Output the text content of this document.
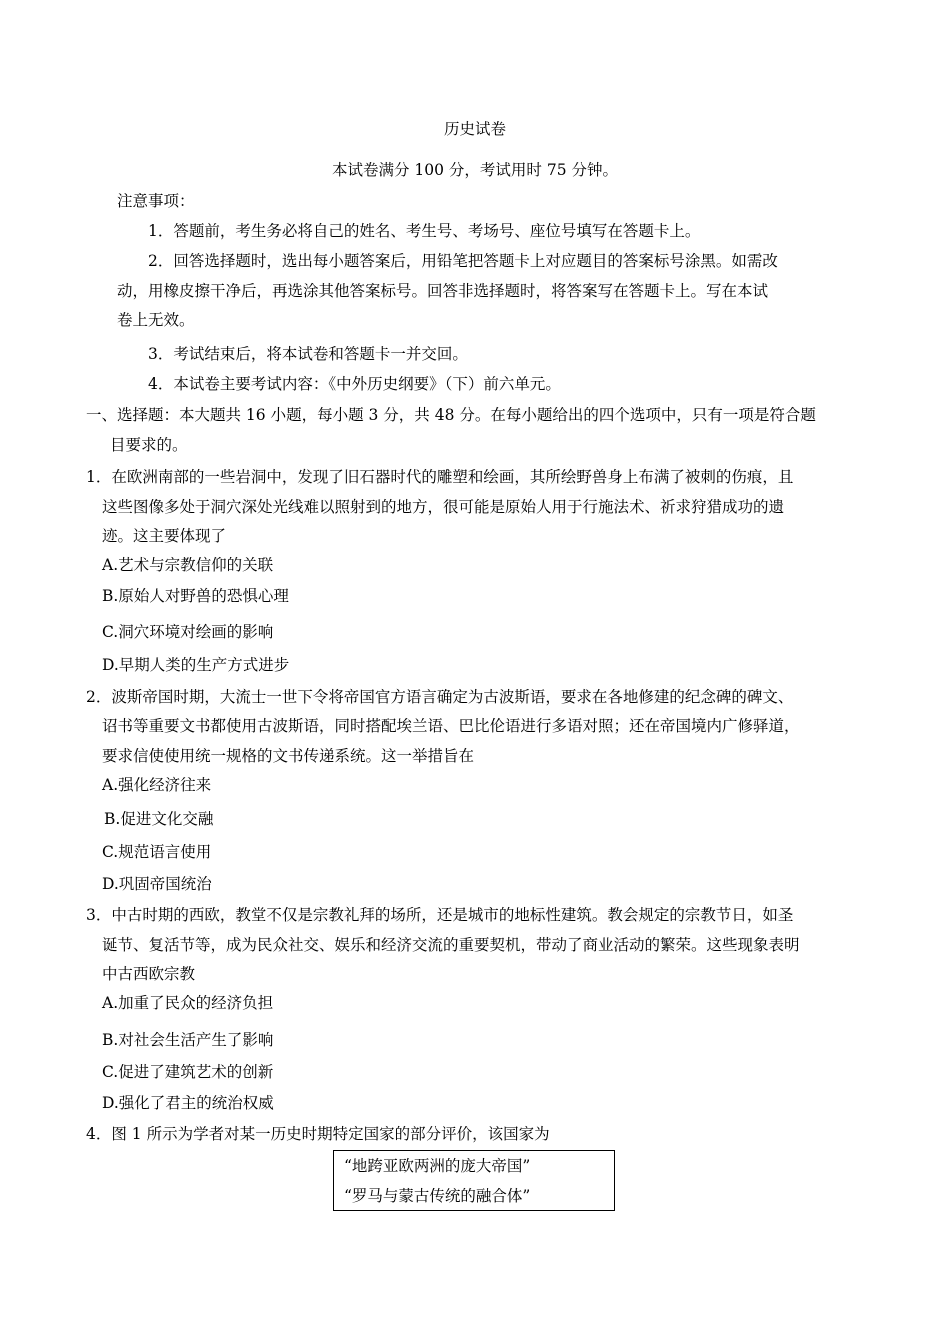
历史试卷
本试卷满分 100 分，考试用时 75 分钟。
注意事项：
1．答题前，考生务必将自己的姓名、考生号、考场号、座位号填写在答题卡上。
2．回答选择题时，选出每小题答案后，用铅笔把答题卡上对应题目的答案标号涂黑。如需改
动，用橡皮擦干净后，再选涂其他答案标号。回答非选择题时，将答案写在答题卡上。写在本试
卷上无效。
3．考试结束后，将本试卷和答题卡一并交回。
4．本试卷主要考试内容：《中外历史纲要》（下）前六单元。
一、选择题：本大题共 16 小题，每小题 3 分，共 48 分。在每小题给出的四个选项中，只有一项是符合题
目要求的。
1．在欧洲南部的一些岩洞中，发现了旧石器时代的雕塑和绘画，其所绘野兽身上布满了被刺的伤痕，且
这些图像多处于洞穴深处光线难以照射到的地方，很可能是原始人用于行施法术、祈求狩猎成功的遗
迹。这主要体现了
A.艺术与宗教信仰的关联
B.原始人对野兽的恐惧心理
C.洞穴环境对绘画的影响
D.早期人类的生产方式进步
2．波斯帝国时期，大流士一世下令将帝国官方语言确定为古波斯语，要求在各地修建的纪念碑的碑文、
诏书等重要文书都使用古波斯语，同时搭配埃兰语、巴比伦语进行多语对照；还在帝国境内广修驿道，
要求信使使用统一规格的文书传递系统。这一举措旨在
A.强化经济往来
B.促进文化交融
C.规范语言使用
D.巩固帝国统治
3．中古时期的西欧，教堂不仅是宗教礼拜的场所，还是城市的地标性建筑。教会规定的宗教节日，如圣
诞节、复活节等，成为民众社交、娱乐和经济交流的重要契机，带动了商业活动的繁荣。这些现象表明
中古西欧宗教
A.加重了民众的经济负担
B.对社会生活产生了影响
C.促进了建筑艺术的创新
D.强化了君主的统治权威
4．图 1 所示为学者对某一历史时期特定国家的部分评价，该国家为
“地跨亚欧两洲的庞大帝国”
“罗马与蒙古传统的融合体”
